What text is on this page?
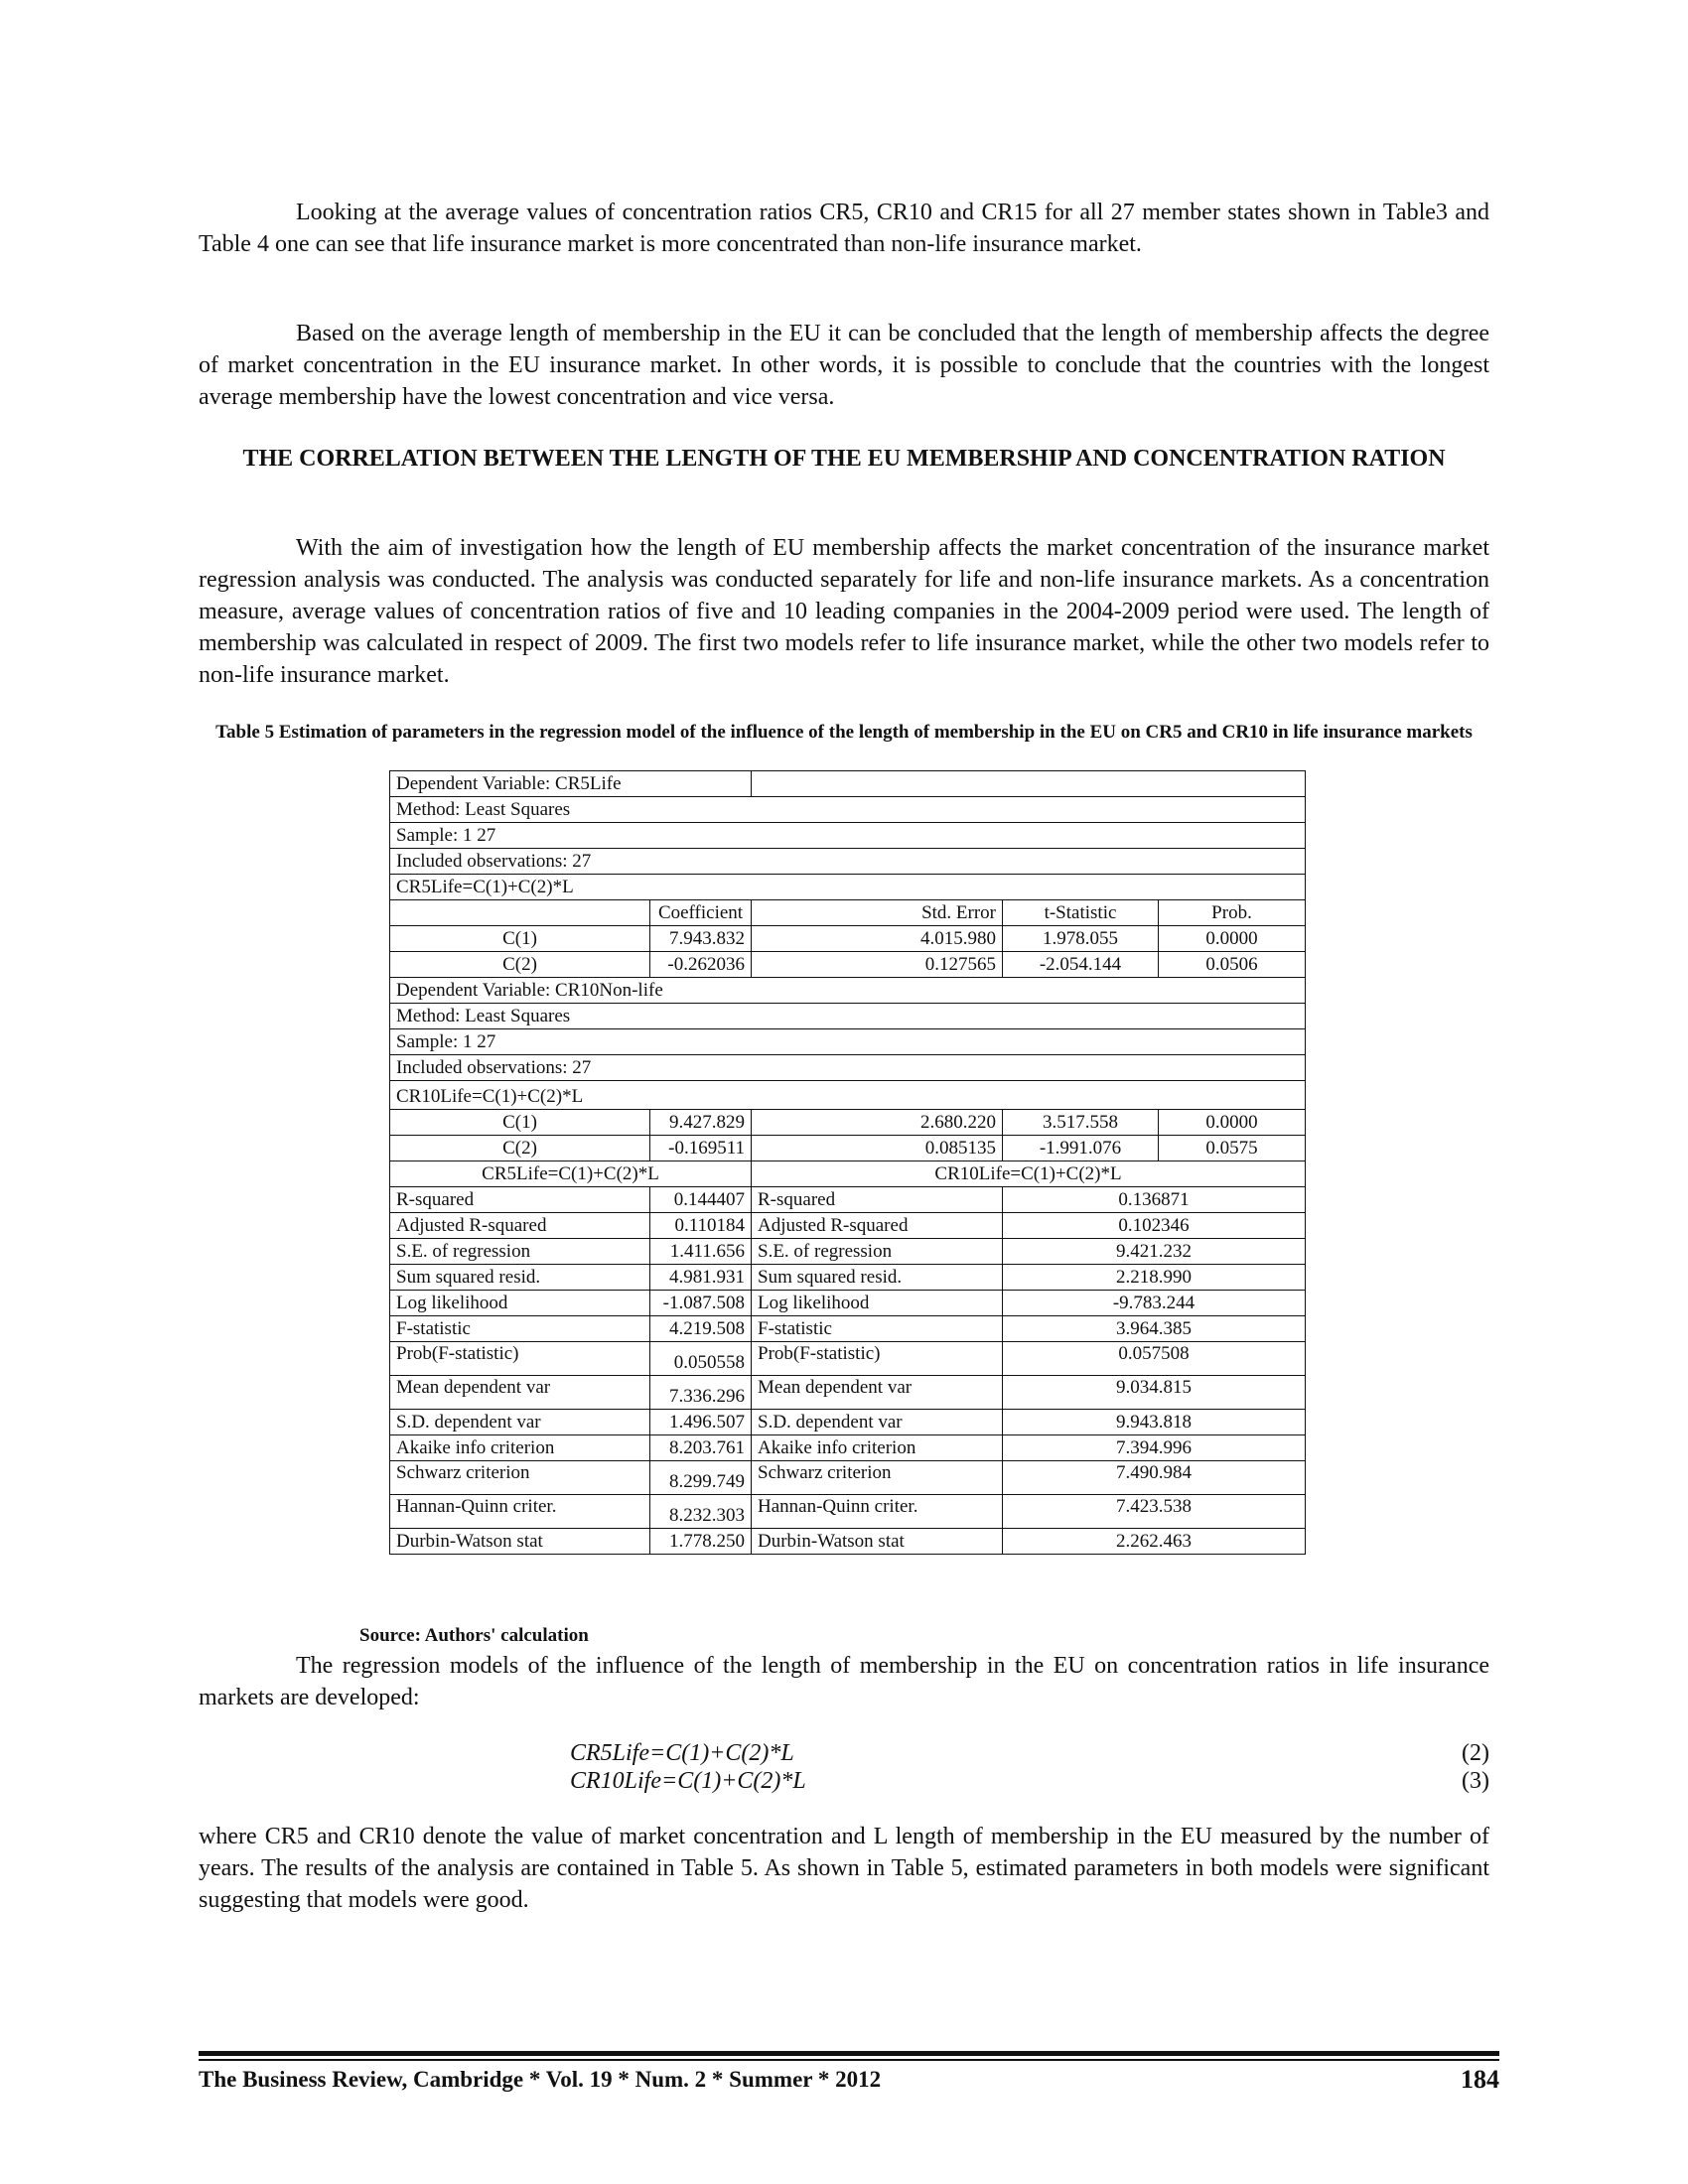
Looking at the average values of concentration ratios CR5, CR10 and CR15 for all 27 member states shown in Table3 and Table 4 one can see that life insurance market is more concentrated than non-life insurance market.

Based on the average length of membership in the EU it can be concluded that the length of membership affects the degree of market concentration in the EU insurance market. In other words, it is possible to conclude that the countries with the longest average membership have the lowest concentration and vice versa.

THE CORRELATION BETWEEN THE LENGTH OF THE EU MEMBERSHIP AND CONCENTRATION RATION

With the aim of investigation how the length of EU membership affects the market concentration of the insurance market regression analysis was conducted. The analysis was conducted separately for life and non-life insurance markets. As a concentration measure, average values of concentration ratios of five and 10 leading companies in the 2004-2009 period were used. The length of membership was calculated in respect of 2009. The first two models refer to life insurance market, while the other two models refer to non-life insurance market.

Table 5 Estimation of parameters in the regression model of the influence of the length of membership in the EU on CR5 and CR10 in life insurance markets

Dependent Variable: CR5Life				
Method: Least Squares				
Sample: 1 27				
Included observations: 27				
CR5Life=C(1)+C(2)*L				
	Coefficient	Std. Error	t-Statistic	Prob.
C(1)	7.943.832	4.015.980	1.978.055	0.0000
C(2)	-0.262036	0.127565	-2.054.144	0.0506
Dependent Variable: CR10Non-life				
Method: Least Squares				
Sample: 1 27				
Included observations: 27				
CR10Life=C(1)+C(2)*L				
C(1)	9.427.829	2.680.220	3.517.558	0.0000
C(2)	-0.169511	0.085135	-1.991.076	0.0575
CR5Life=C(1)+C(2)*L		CR10Life=C(1)+C(2)*L		
R-squared	0.144407	R-squared	0.136871	
Adjusted R-squared	0.110184	Adjusted R-squared	0.102346	
S.E. of regression	1.411.656	S.E. of regression	9.421.232	
Sum squared resid.	4.981.931	Sum squared resid.	2.218.990	
Log likelihood	-1.087.508	Log likelihood	-9.783.244	
F-statistic	4.219.508	F-statistic	3.964.385	
Prob(F-statistic)	0.050558	Prob(F-statistic)	0.057508	
Mean dependent var	7.336.296	Mean dependent var	9.034.815	
S.D. dependent var	1.496.507	S.D. dependent var	9.943.818	
Akaike info criterion	8.203.761	Akaike info criterion	7.394.996	
Schwarz criterion	8.299.749	Schwarz criterion	7.490.984	
Hannan-Quinn criter.	8.232.303	Hannan-Quinn criter.	7.423.538	
Durbin-Watson stat	1.778.250	Durbin-Watson stat	2.262.463	

Source: Authors' calculation

The regression models of the influence of the length of membership in the EU on concentration ratios in life insurance markets are developed:

CR5Life=C(1)+C(2)*L	(2)
CR10Life=C(1)+C(2)*L	(3)

where CR5 and CR10 denote the value of market concentration and L length of membership in the EU measured by the number of years. The results of the analysis are contained in Table 5. As shown in Table 5, estimated parameters in both models were significant suggesting that models were good.

The Business Review, Cambridge * Vol. 19 * Num. 2 * Summer * 2012	184
